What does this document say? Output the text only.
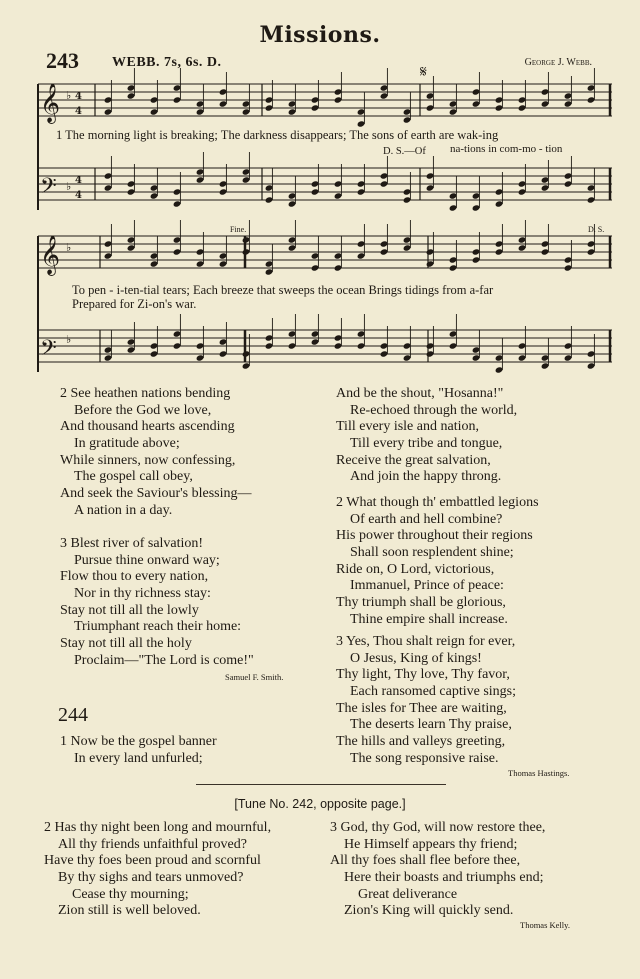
Missions.
243 WEBB. 7s, 6s. D.	George J. Webb.
𝄞
𝄢
𝄞
𝄢
♭
♭
♭
♭
4
4
4
4
𝄋
1 The morning light is breaking; The darkness disappears; The sons of earth are wak-ing
D. S.—Of na-tions in com-mo - tion
Fine.	D. S.
To pen - i-ten-tial tears; Each breeze that sweeps the ocean Brings tidings from a-far
Prepared for Zi-on's war.
2 See heathen nations bending
Before the God we love,
And thousand hearts ascending
In gratitude above;
While sinners, now confessing,
The gospel call obey,
And seek the Saviour's blessing—
A nation in a day.
3 Blest river of salvation!
Pursue thine onward way;
Flow thou to every nation,
Nor in thy richness stay:
Stay not till all the lowly
Triumphant reach their home:
Stay not till all the holy
Proclaim—"The Lord is come!"
Samuel F. Smith.
244
1 Now be the gospel banner
In every land unfurled;
And be the shout, "Hosanna!"
Re-echoed through the world,
Till every isle and nation,
Till every tribe and tongue,
Receive the great salvation,
And join the happy throng.
2 What though th' embattled legions
Of earth and hell combine?
His power throughout their regions
Shall soon resplendent shine;
Ride on, O Lord, victorious,
Immanuel, Prince of peace:
Thy triumph shall be glorious,
Thine empire shall increase.
3 Yes, Thou shalt reign for ever,
O Jesus, King of kings!
Thy light, Thy love, Thy favor,
Each ransomed captive sings;
The isles for Thee are waiting,
The deserts learn Thy praise,
The hills and valleys greeting,
The song responsive raise.
Thomas Hastings.
[Tune No. 242, opposite page.]
2 Has thy night been long and mournful,
All thy friends unfaithful proved?
Have thy foes been proud and scornful
By thy sighs and tears unmoved?
Cease thy mourning;
Zion still is well beloved.
3 God, thy God, will now restore thee,
He Himself appears thy friend;
All thy foes shall flee before thee,
Here their boasts and triumphs end;
Great deliverance
Zion's King will quickly send.
Thomas Kelly.
